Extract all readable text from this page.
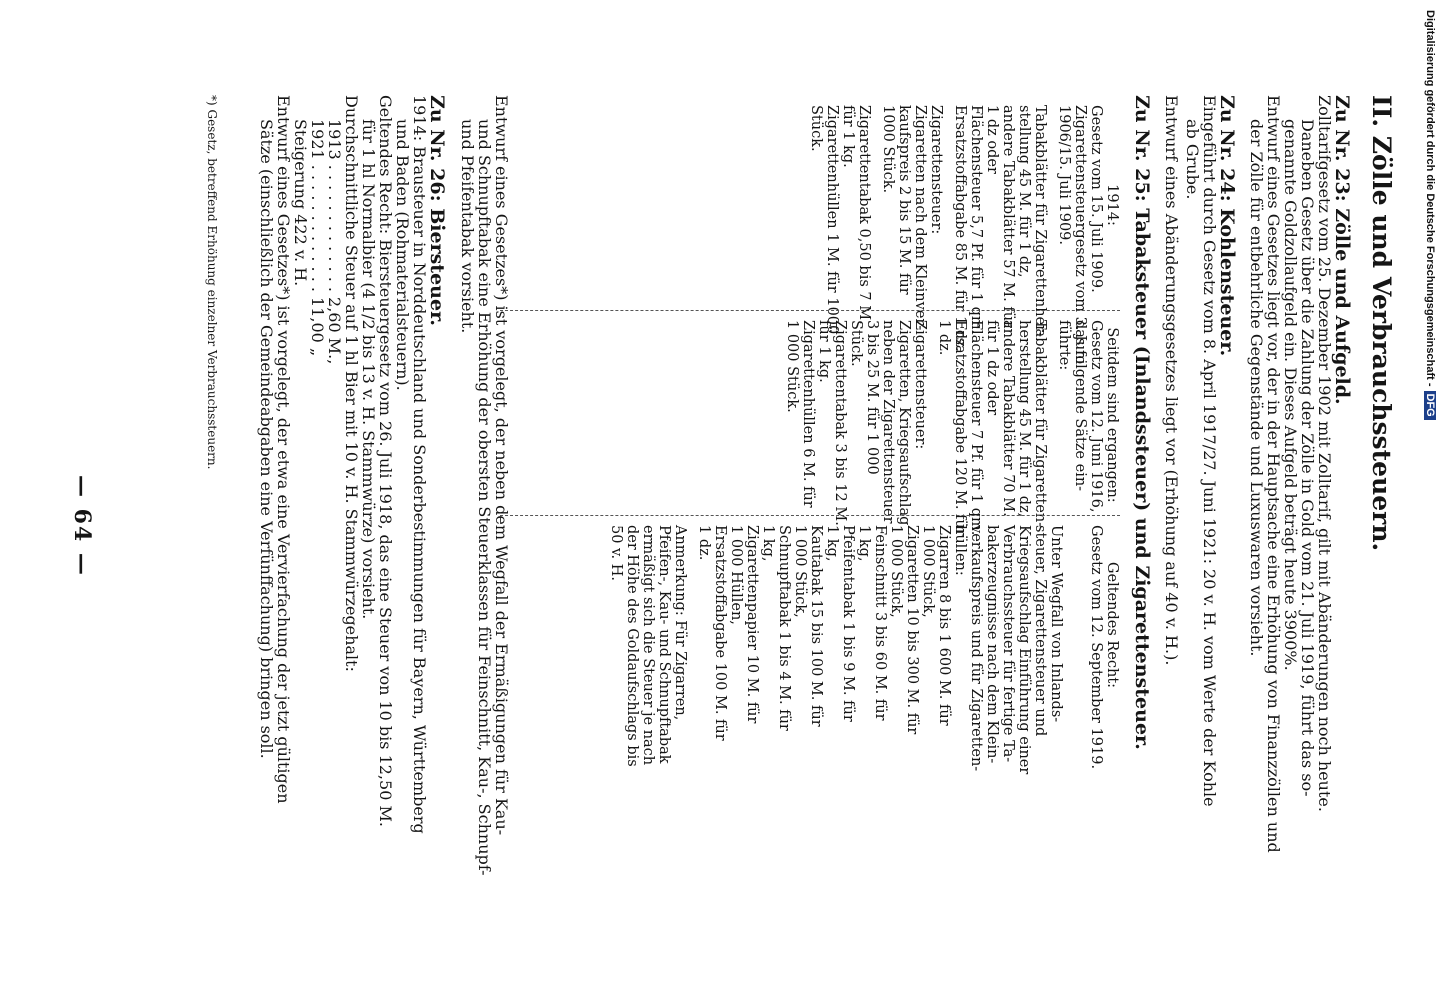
— 64 —	II. Zölle und Verbrauchssteuern.
Zu Nr. 23: Zölle und Aufgeld.
Zolltarifgesetz vom 25. Dezember 1902 mit Zolltarif, gilt mit Abänderungen noch heute.
Daneben Gesetz über die Zahlung der Zölle in Gold vom 21. Juli 1919, führt das so-
genannte Goldzollaufgeld ein. Dieses Aufgeld beträgt heute 3900%.
Entwurf eines Gesetzes liegt vor, der in der Hauptsache eine Erhöhung von Finanzzöllen und
der Zölle für entbehrliche Gegenstände und Luxuswaren vorsieht.
Zu Nr. 24: Kohlensteuer.
Eingeführt durch Gesetz vom 8. April 1917/27. Juni 1921: 20 v. H. vom Werte der Kohle
ab Grube.
Entwurf eines Abänderungsgesetzes liegt vor (Erhöhung auf 40 v. H.).
Zu Nr. 25: Tabaksteuer (Inlandssteuer) und Zigarettensteuer.
1914:
Gesetz vom 15. Juli 1909.
Zigarettensteuergesetz vom 3. Juni
1906/15. Juli 1909.

Tabakblätter für Zigarettenher-
stellung 45 M. für 1 dz,
andere Tabakblätter 57 M. für
1 dz oder
Flächensteuer 5,7 Pf. für 1 qm.
Ersatzstoffabgabe 85 M. für 1 dz.

Zigarettensteuer:
Zigaretten nach dem Kleinver-
kaufspreis 2 bis 15 M. für
1000 Stück.

Zigarettentabak 0,50 bis 7 M.
für 1 kg.
Zigarettenhüllen 1 M. für 1000
Stück.
Seitdem sind ergangen:
Gesetz vom 12. Juni 1916,
das folgende Sätze ein-
führte:

Tabakblätter für Zigaretten-
herstellung 45 M. für 1 dz,
andere Tabakblätter 70 M.
für 1 dz oder
Flächensteuer 7 Pf. für 1 qm.
Ersatzstoffabgabe 120 M. für
1 dz.

Zigarettensteuer:
Zigaretten, Kriegsaufschlag
neben der Zigarettensteuer
3 bis 25 M. für 1 000
Stück.
Zigarettentabak 3 bis 12 M.
für 1 kg.
Zigarettenhüllen 6 M. für
1 000 Stück.
Geltendes Recht:
Gesetz vom 12. September 1919.

Unter Wegfall von Inlands-
steuer, Zigarettensteuer und
Kriegsaufschlag Einführung einer
Verbrauchssteuer für fertige Ta-
bakerzeugnisse nach dem Klein-
verkaufspreis und für Zigaretten-
hüllen:
Zigarren 8 bis 1 600 M. für
1 000 Stück,
Zigaretten 10 bis 300 M. für
1 000 Stück,
Feinschnitt 3 bis 60 M. für
1 kg,
Pfeifentabak 1 bis 9 M. für
1 kg,
Kautabak 15 bis 100 M. für
1 000 Stück,
Schnupftabak 1 bis 4 M. für
1 kg,
Zigarettenpapier 10 M. für
1 000 Hüllen,
Ersatzstoffabgabe 100 M. für
1 dz.

Anmerkung: Für Zigarren,
Pfeifen-, Kau- und Schnupftabak
ermäßigt sich die Steuer je nach
der Höhe des Goldaufschlags bis
50 v. H.
Entwurf eines Gesetzes*) ist vorgelegt, der neben dem Wegfall der Ermäßigungen für Kau-
und Schnupftabak eine Erhöhung der obersten Steuerklassen für Feinschnitt, Kau-, Schnupf-
und Pfeifentabak vorsieht.
Zu Nr. 26: Biersteuer.
1914: Brausteuer in Norddeutschland und Sonderbestimmungen für Bayern, Württemberg
und Baden (Rohmaterialsteuern).
Geltendes Recht: Biersteuergesetz vom 26. Juli 1918, das eine Steuer von 10 bis 12,50 M.
für 1 hl Normalbier (4 1/2 bis 13 v. H. Stammwürze) vorsieht.
Durchschnittliche Steuer auf 1 hl Bier mit 10 v. H. Stammwürzegehalt:
1913 . . . . . . . . . . . . . 2,60 M.,
1921 . . . . . . . . . . . . . 11,00 „
Steigerung 422 v. H.
Entwurf eines Gesetzes*) ist vorgelegt, der etwa eine Vervierfachung der jetzt gültigen
Sätze (einschließlich der Gemeindeabgaben eine Verfünffachung) bringen soll.
*) Gesetz, betreffend Erhöhung einzelner Verbrauchssteuern.	Digitalisierung gefördert durch die Deutsche Forschungsgemeinschaft -DFG
